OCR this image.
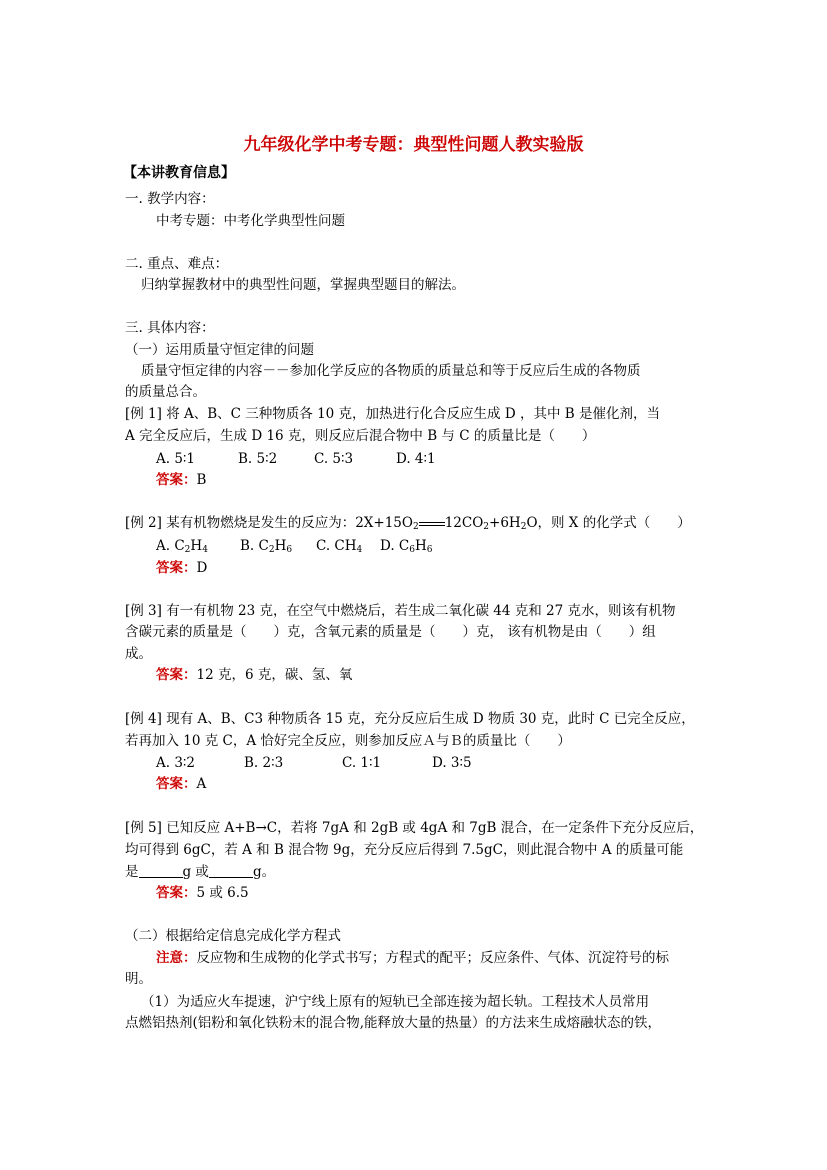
九年级化学中考专题：典型性问题人教实验版
【本讲教育信息】
一. 教学内容：
中考专题：中考化学典型性问题
二. 重点、难点：
归纳掌握教材中的典型性问题，掌握典型题目的解法。
三. 具体内容：
（一）运用质量守恒定律的问题
质量守恒定律的内容－－参加化学反应的各物质的质量总和等于反应后生成的各物质
的质量总合。
[例 1] 将 A、B、C 三种物质各 10 克，加热进行化合反应生成 D ，其中 B 是催化剂，当
A 完全反应后，生成 D 16 克，则反应后混合物中 B 与 C 的质量比是（　　）
A. 5∶1	B. 5∶2	C. 5∶3	D. 4∶1
答案：B
[例 2] 某有机物燃烧是发生的反应为：$2X+15O_2$ $12CO_2+6H_2O$，则 X 的化学式（　　）
A. $C_2H_4$ B. $C_2H_6$ C. $CH_4$ D. $C_6H_6$
答案：D
[例 3] 有一有机物 23 克，在空气中燃烧后，若生成二氧化碳 44 克和 27 克水，则该有机物
含碳元素的质量是（　　）克，含氧元素的质量是（　　）克， 该有机物是由（　　）组
成。
答案：12 克，6 克，碳、氢、氧
[例 4] 现有 A、B、C3 种物质各 15 克，充分反应后生成 D 物质 30 克，此时 C 已完全反应，
若再加入 10 克 C，A 恰好完全反应，则参加反应Ａ与Ｂ的质量比（　　）
A. 3∶2	B. 2∶3	C. 1∶1	D. 3∶5
答案：A
[例 5] 已知反应 A+B→C，若将 7gA 和 2gB 或 4gA 和 7gB 混合，在一定条件下充分反应后，
均可得到 6gC，若 A 和 B 混合物 9g，充分反应后得到 7.5gC，则此混合物中 A 的质量可能
是	g 或	g。
答案：5 或 6.5
（二）根据给定信息完成化学方程式
注意：反应物和生成物的化学式书写；方程式的配平；反应条件、气体、沉淀符号的标
明。
（1）为适应火车提速，沪宁线上原有的短轨已全部连接为超长轨。工程技术人员常用
点燃铝热剂(铝粉和氧化铁粉末的混合物,能释放大量的热量）的方法来生成熔融状态的铁，
